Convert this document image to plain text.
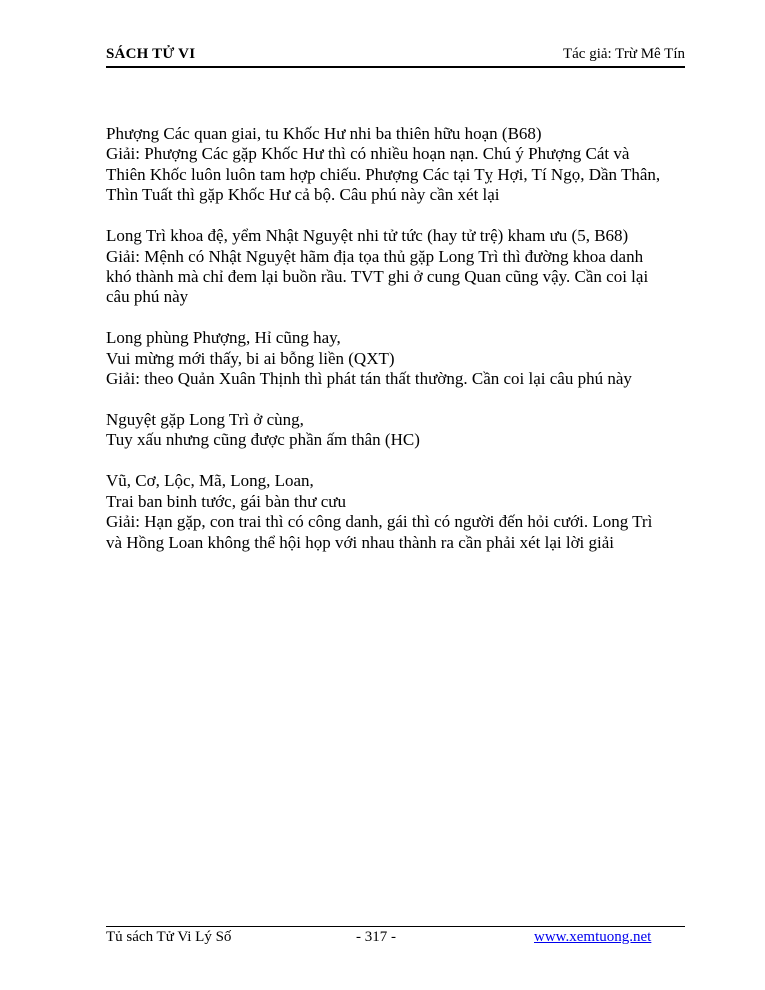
SÁCH TỬ VI	Tác giả: Trừ Mê Tín
Phượng Các quan giai, tu Khốc Hư nhi ba thiên hữu hoạn (B68)
Giải: Phượng Các gặp Khốc Hư thì có nhiều hoạn nạn. Chú ý Phượng Cát và
Thiên Khốc luôn luôn tam hợp chiếu. Phượng Các tại Tỵ Hợi, Tí Ngọ, Dần Thân,
Thìn Tuất thì gặp Khốc Hư cả bộ. Câu phú này cần xét lại
Long Trì khoa đệ, yểm Nhật Nguyệt nhi tử tức (hay tử trệ) kham ưu (5, B68)
Giải: Mệnh có Nhật Nguyệt hãm địa tọa thủ gặp Long Trì thì đường khoa danh
khó thành mà chỉ đem lại buồn rầu. TVT ghi ở cung Quan cũng vậy. Cần coi lại
câu phú này
Long phùng Phượng, Hỉ cũng hay,
Vui mừng mới thấy, bi ai bỗng liền (QXT)
Giải: theo Quản Xuân Thịnh thì phát tán thất thường. Cần coi lại câu phú này
Nguyệt gặp Long Trì ở cùng,
Tuy xấu nhưng cũng được phần ấm thân (HC)
Vũ, Cơ, Lộc, Mã, Long, Loan,
Trai ban binh tước, gái bàn thư cưu
Giải: Hạn gặp, con trai thì có công danh, gái thì có người đến hỏi cưới. Long Trì
và Hồng Loan không thể hội họp với nhau thành ra cần phải xét lại lời giải
Tủ sách Tử Vi Lý Số	- 317 -	www.xemtuong.net
